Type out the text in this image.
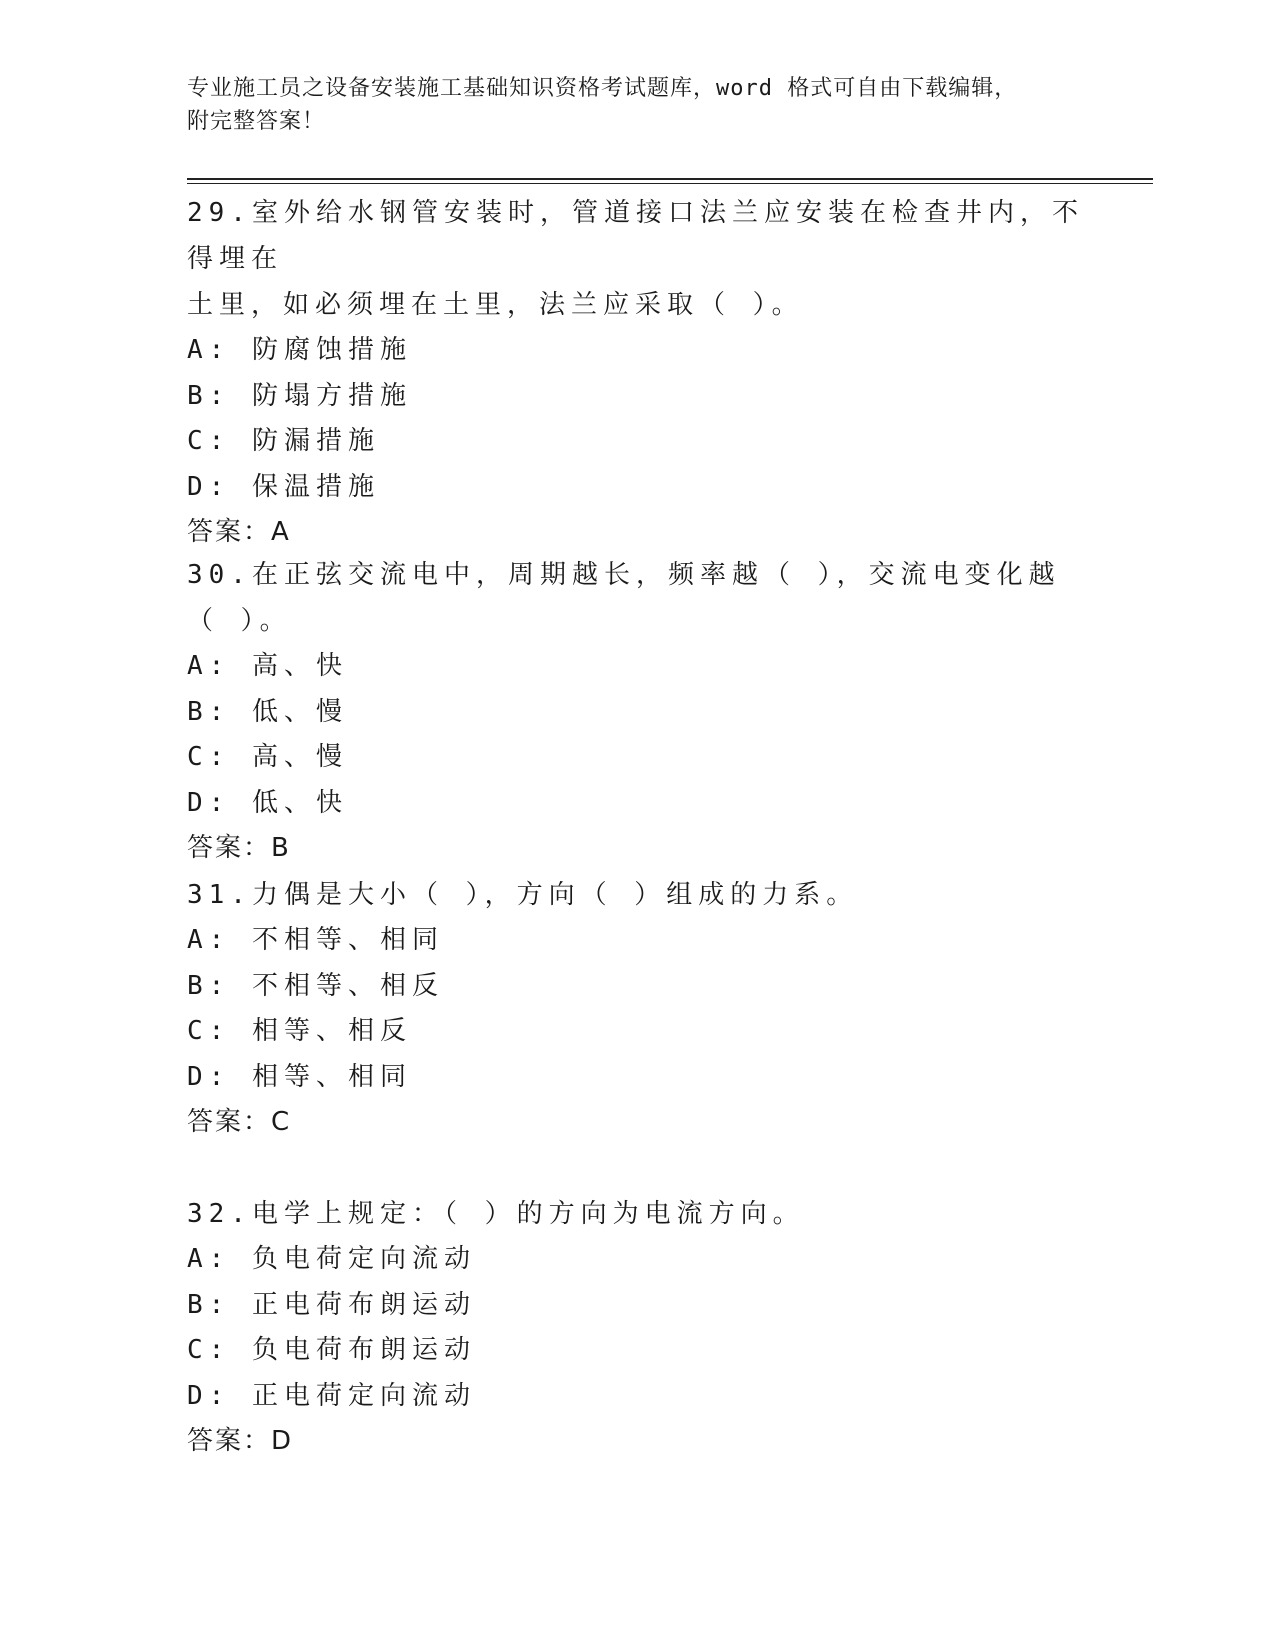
专业施工员之设备安装施工基础知识资格考试题库，word 格式可自由下载编辑，
附完整答案！
29.室外给水钢管安装时，管道接口法兰应安装在检查井内，不得埋在
土里，如必须埋在土里，法兰应采取（ ）。
A: 防腐蚀措施
B: 防塌方措施
C: 防漏措施
D: 保温措施
答案：A
30.在正弦交流电中，周期越长，频率越（ ），交流电变化越（ ）。
A: 高、快
B: 低、慢
C: 高、慢
D: 低、快
答案：B
31.力偶是大小（ ），方向（ ）组成的力系。
A: 不相等、相同
B: 不相等、相反
C: 相等、相反
D: 相等、相同
答案：C
32.电学上规定：（ ）的方向为电流方向。
A: 负电荷定向流动
B: 正电荷布朗运动
C: 负电荷布朗运动
D: 正电荷定向流动
答案：D
